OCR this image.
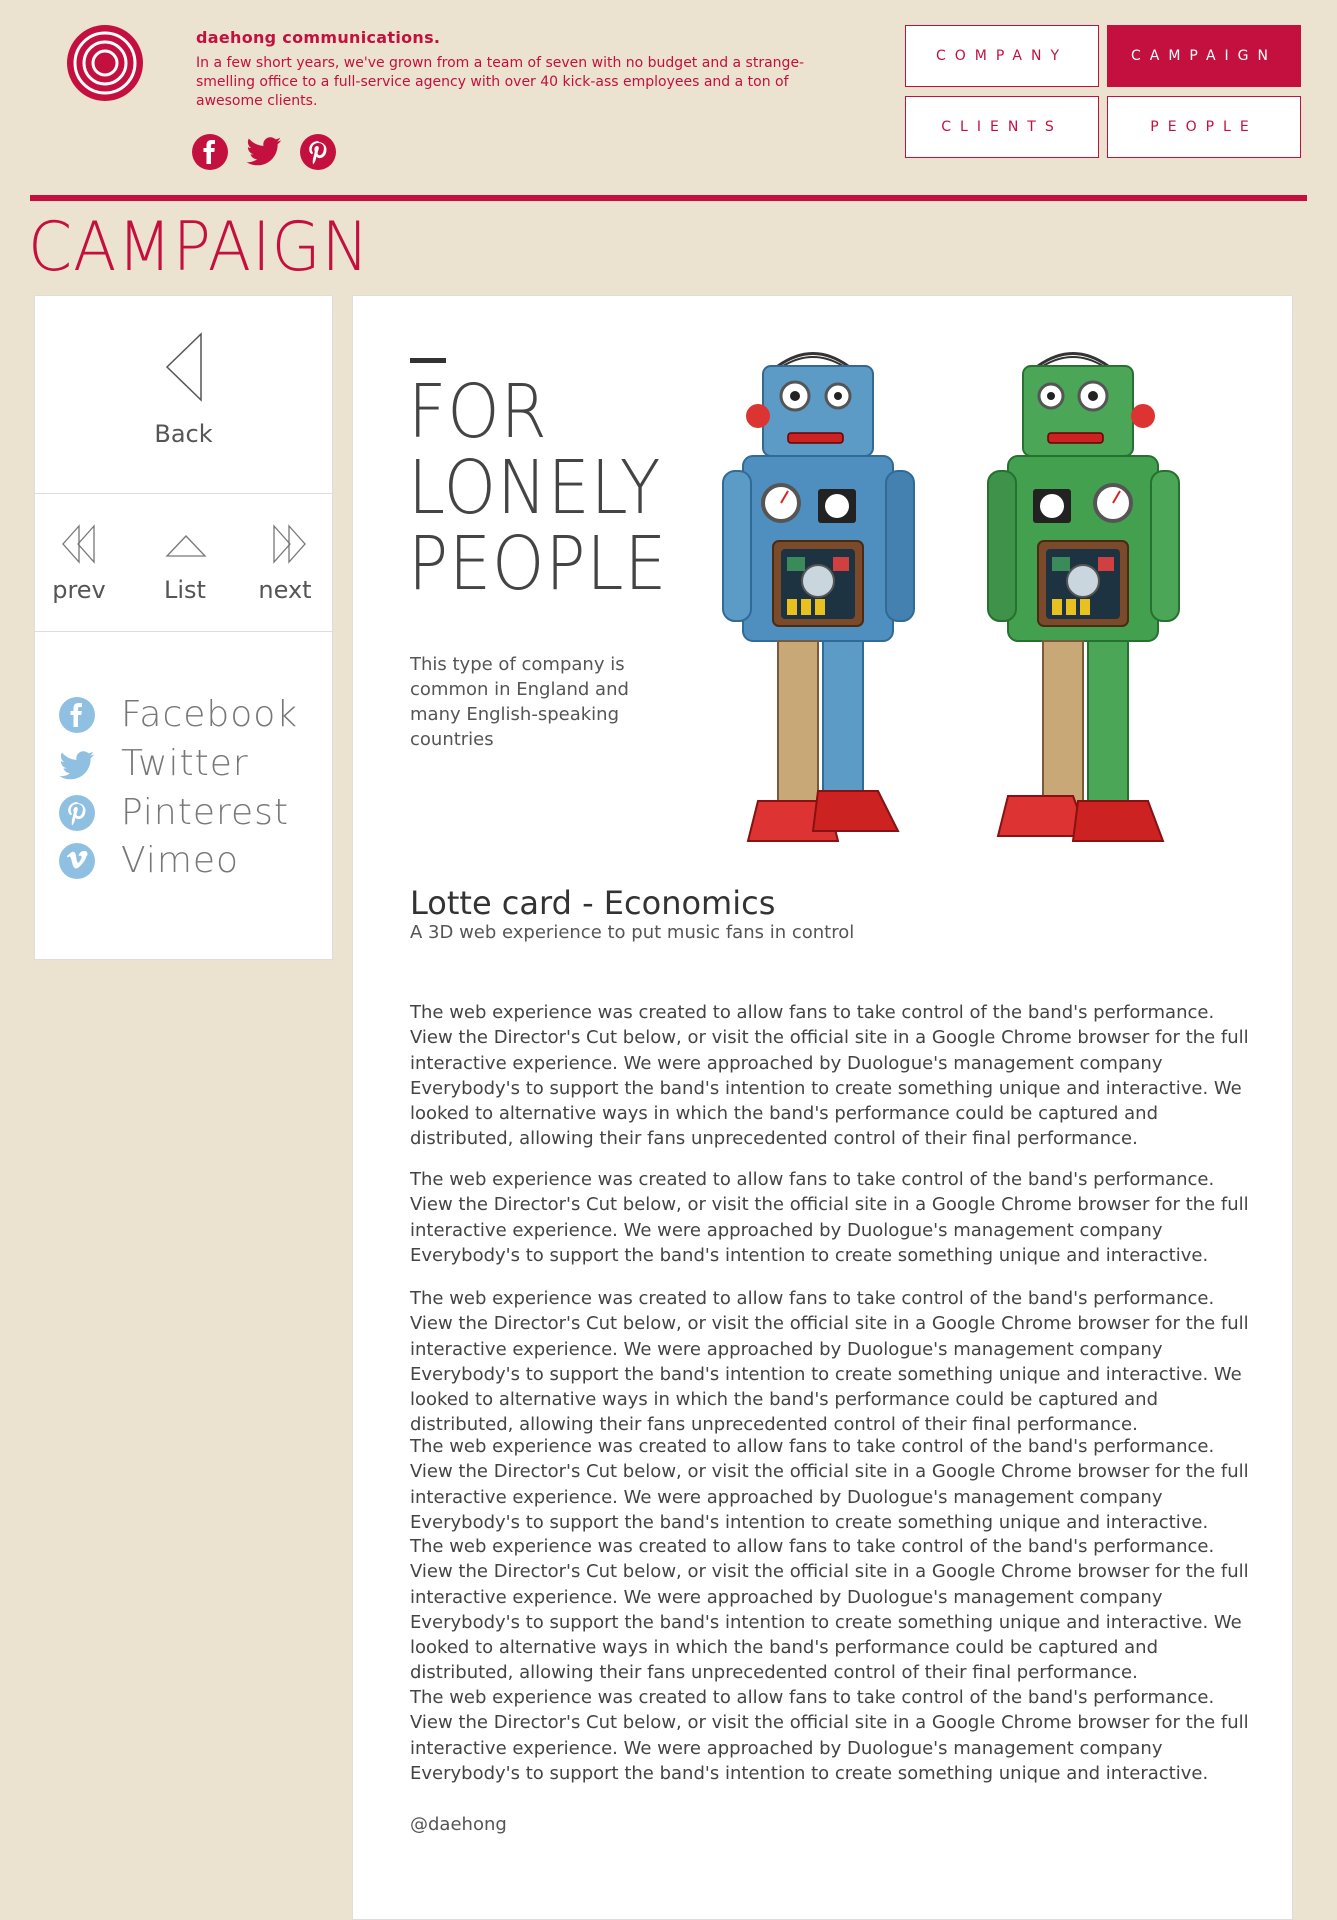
daehong communications.
In a few short years, we've grown from a team of seven with no budget and a strange-smelling office to a full-service agency with over 40 kick-ass employees and a ton of awesome clients.
COMPANY	CAMPAIGN
CLIENTS	PEOPLE
CAMPAIGN
Back
prev	List	next
Facebook
Twitter
Pinterest
Vimeo
FOR
LONELY
PEOPLE
This type of company is common in England and many English-speaking countries
Lotte card - Economics
A 3D web experience to put music fans in control
The web experience was created to allow fans to take control of the band's performance. View the Director's Cut below, or visit the official site in a Google Chrome browser for the full interactive experience. We were approached by Duologue's management company Everybody's to support the band's intention to create something unique and interactive. We looked to alternative ways in which the band's performance could be captured and distributed, allowing their fans unprecedented control of their final performance.
The web experience was created to allow fans to take control of the band's performance. View the Director's Cut below, or visit the official site in a Google Chrome browser for the full interactive experience. We were approached by Duologue's management company Everybody's to support the band's intention to create something unique and interactive.
The web experience was created to allow fans to take control of the band's performance. View the Director's Cut below, or visit the official site in a Google Chrome browser for the full interactive experience. We were approached by Duologue's management company Everybody's to support the band's intention to create something unique and interactive. We looked to alternative ways in which the band's performance could be captured and distributed, allowing their fans unprecedented control of their final performance.
The web experience was created to allow fans to take control of the band's performance. View the Director's Cut below, or visit the official site in a Google Chrome browser for the full interactive experience. We were approached by Duologue's management company Everybody's to support the band's intention to create something unique and interactive.
The web experience was created to allow fans to take control of the band's performance. View the Director's Cut below, or visit the official site in a Google Chrome browser for the full interactive experience. We were approached by Duologue's management company Everybody's to support the band's intention to create something unique and interactive. We looked to alternative ways in which the band's performance could be captured and distributed, allowing their fans unprecedented control of their final performance.
The web experience was created to allow fans to take control of the band's performance. View the Director's Cut below, or visit the official site in a Google Chrome browser for the full interactive experience. We were approached by Duologue's management company Everybody's to support the band's intention to create something unique and interactive.
@daehong
